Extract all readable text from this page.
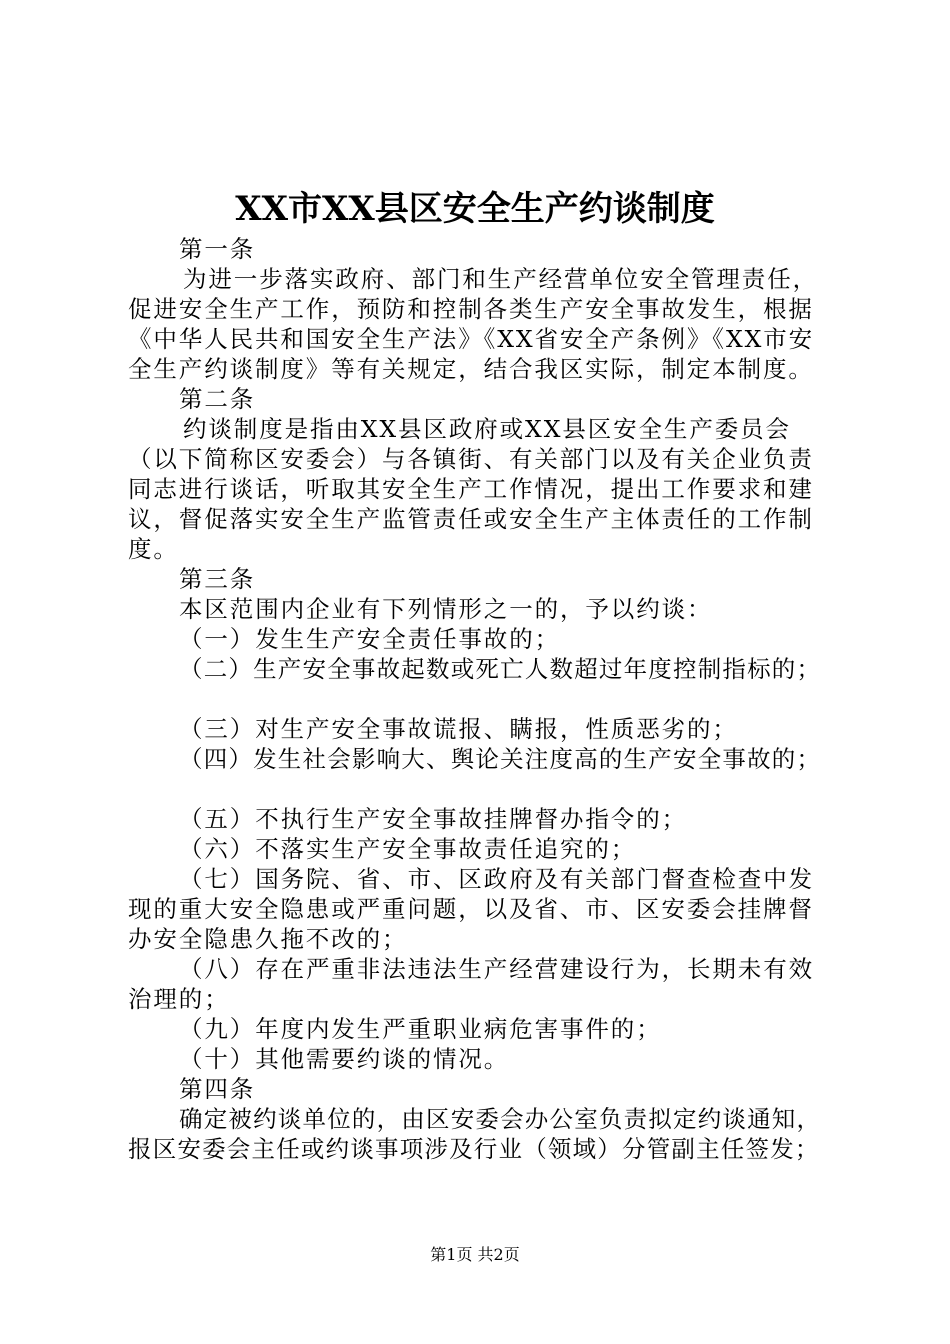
XX市XX县区安全生产约谈制度
第一条
为进一步落实政府、部门和生产经营单位安全管理责任，
促进安全生产工作，预防和控制各类生产安全事故发生，根据
《中华人民共和国安全生产法》《XX省安全产条例》《XX市安
全生产约谈制度》等有关规定，结合我区实际，制定本制度。
第二条
约谈制度是指由XX县区政府或XX县区安全生产委员会
（以下简称区安委会）与各镇街、有关部门以及有关企业负责
同志进行谈话，听取其安全生产工作情况，提出工作要求和建
议，督促落实安全生产监管责任或安全生产主体责任的工作制
度。
第三条
本区范围内企业有下列情形之一的，予以约谈：
（一）发生生产安全责任事故的；
（二）生产安全事故起数或死亡人数超过年度控制指标的；
（三）对生产安全事故谎报、瞒报，性质恶劣的；
（四）发生社会影响大、舆论关注度高的生产安全事故的；
（五）不执行生产安全事故挂牌督办指令的；
（六）不落实生产安全事故责任追究的；
（七）国务院、省、市、区政府及有关部门督查检查中发
现的重大安全隐患或严重问题，以及省、市、区安委会挂牌督
办安全隐患久拖不改的；
（八）存在严重非法违法生产经营建设行为，长期未有效
治理的；
（九）年度内发生严重职业病危害事件的；
（十）其他需要约谈的情况。
第四条
确定被约谈单位的，由区安委会办公室负责拟定约谈通知，
报区安委会主任或约谈事项涉及行业（领域）分管副主任签发；
第1页 共2页
